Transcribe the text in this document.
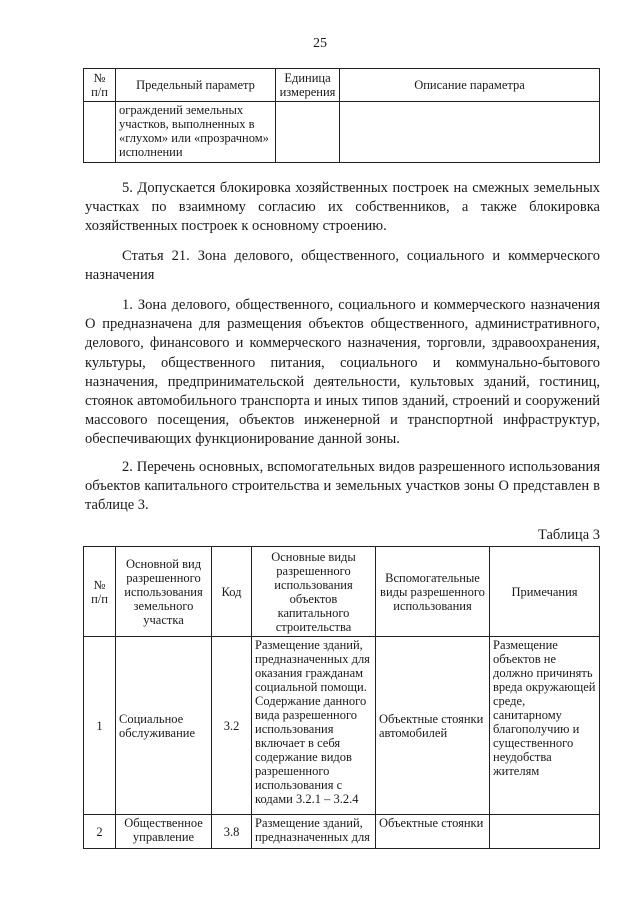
25
№ п/п	Предельный параметр	Единица измерения	Описание параметра
	ограждений земельных участков, выполненных в «глухом» или «прозрачном» исполнении		

5. Допускается блокировка хозяйственных построек на смежных земельных участках по взаимному согласию их собственников, а также блокировка хозяйственных построек к основному строению.

Статья 21. Зона делового, общественного, социального и коммерческого назначения

1. Зона делового, общественного, социального и коммерческого назначения О предназначена для размещения объектов общественного, административного, делового, финансового и коммерческого назначения, торговли, здравоохранения, культуры, общественного питания, социального и коммунально-бытового назначения, предпринимательской деятельности, культовых зданий, гостиниц, стоянок автомобильного транспорта и иных типов зданий, строений и сооружений массового посещения, объектов инженерной и транспортной инфраструктур, обеспечивающих функционирование данной зоны.

2. Перечень основных, вспомогательных видов разрешенного использования объектов капитального строительства и земельных участков зоны О представлен в таблице 3.

Таблица 3
№ п/п	Основной вид разрешенного использования земельного участка	Код	Основные виды разрешенного использования объектов капитального строительства	Вспомогательные виды разрешенного использования	Примечания
1	Социальное обслуживание	3.2	Размещение зданий, предназначенных для оказания гражданам социальной помощи. Содержание данного вида разрешенного использования включает в себя содержание видов разрешенного использования с кодами 3.2.1 – 3.2.4	Объектные стоянки автомобилей	Размещение объектов не должно причинять вреда окружающей среде, санитарному благополучию и существенного неудобства жителям
2	Общественное управление	3.8	Размещение зданий, предназначенных для	Объектные стоянки	
